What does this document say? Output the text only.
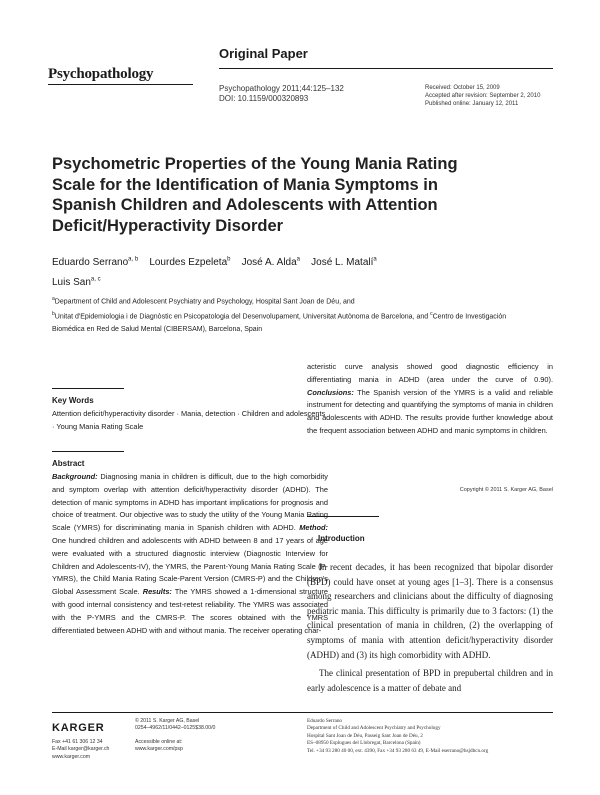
Original Paper
Psychopathology
Psychopathology 2011;44:125–132
DOI: 10.1159/000320893
Received: October 15, 2009
Accepted after revision: September 2, 2010
Published online: January 12, 2011
Psychometric Properties of the Young Mania Rating Scale for the Identification of Mania Symptoms in Spanish Children and Adolescents with Attention Deficit/Hyperactivity Disorder
Eduardo Serrano$^{a, b}$ Lourdes Ezpeleta$^b$ José A. Alda$^a$ José L. Matalí$^a$
Luis San$^{a, c}$
$^a$Department of Child and Adolescent Psychiatry and Psychology, Hospital Sant Joan de Déu, and
$^b$Unitat d'Epidemiologia i de Diagnòstic en Psicopatologia del Desenvolupament, Universitat Autònoma de Barcelona, and $^c$Centro de Investigación Biomédica en Red de Salud Mental (CIBERSAM), Barcelona, Spain
Key Words
Attention deficit/hyperactivity disorder · Mania, detection · Children and adolescents · Young Mania Rating Scale
Abstract
Background: Diagnosing mania in children is difficult, due to the high comorbidity and symptom overlap with attention deficit/hyperactivity disorder (ADHD). The detection of manic symptoms in ADHD has important implications for prognosis and choice of treatment. Our objective was to study the utility of the Young Mania Rating Scale (YMRS) for discriminating mania in Spanish children with ADHD. Method: One hundred children and adolescents with ADHD between 8 and 17 years of age were evaluated with a structured diagnostic interview (Diagnostic Interview for Children and Adolescents-IV), the YMRS, the Parent-Young Mania Rating Scale (P-YMRS), the Child Mania Rating Scale-Parent Version (CMRS-P) and the Children's Global Assessment Scale. Results: The YMRS showed a 1-dimensional structure with good internal consistency and test-retest reliability. The YMRS was associated with the P-YMRS and the CMRS-P. The scores obtained with the YMRS differentiated between ADHD with and without mania. The receiver operating char-
acteristic curve analysis showed good diagnostic efficiency in differentiating mania in ADHD (area under the curve of 0.90). Conclusions: The Spanish version of the YMRS is a valid and reliable instrument for detecting and quantifying the symptoms of mania in children and adolescents with ADHD. The results provide further knowledge about the frequent association between ADHD and manic symptoms in children.
Copyright © 2011 S. Karger AG, Basel
Introduction

In recent decades, it has been recognized that bipolar disorder (BPD) could have onset at young ages [1–3]. There is a consensus among researchers and clinicians about the difficulty of diagnosing pediatric mania. This difficulty is primarily due to 3 factors: (1) the clinical presentation of mania in children, (2) the overlapping of symptoms of mania with attention deficit/hyperactivity disorder (ADHD) and (3) its high comorbidity with ADHD.

The clinical presentation of BPD in prepubertal children and in early adolescence is a matter of debate and

KARGER
Fax +41 61 306 12 34
E-Mail karger@karger.ch
www.karger.com
© 2011 S. Karger AG, Basel
0254–4962/11/0442–0125$38.00/0
Accessible online at:
www.karger.com/psp
Eduardo Serrano
Department of Child and Adolescent Psychiatry and Psychology
Hospital Sant Joan de Déu, Passeig Sant Joan de Déu, 2
ES–08950 Esplugues del Llobregat, Barcelona (Spain)
Tel. +34 93 280 40 00, ext. 4390, Fax +34 93 280 63 49, E-Mail eserrano@hsjdbcn.org
